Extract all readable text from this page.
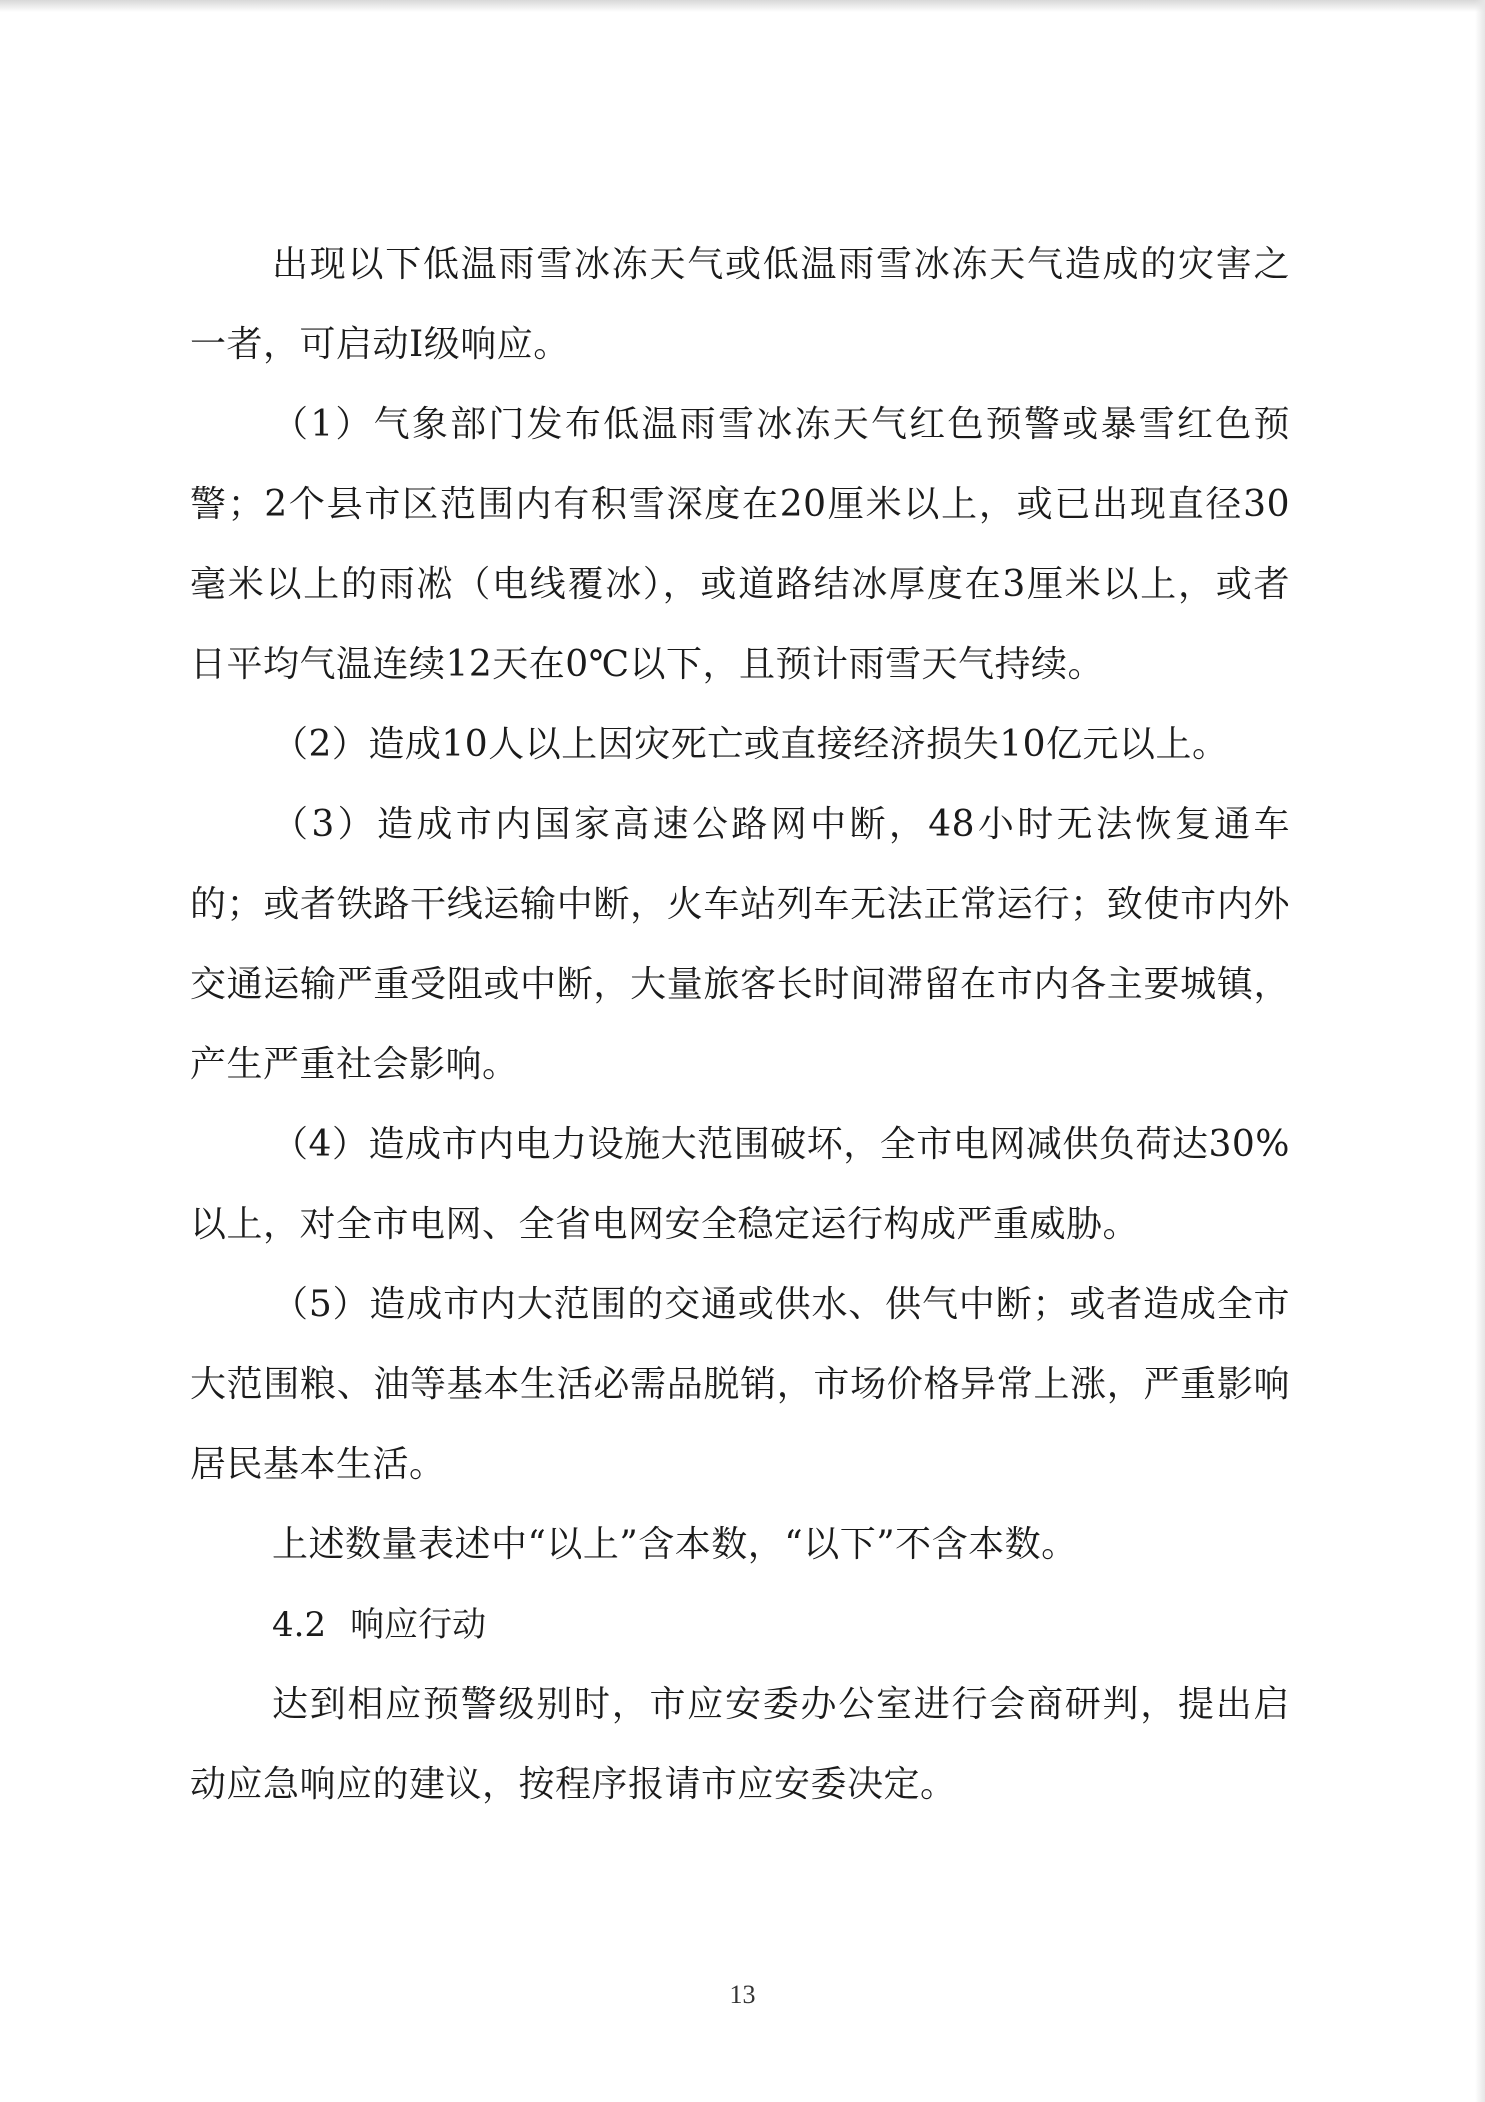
出现以下低温雨雪冰冻天气或低温雨雪冰冻天气造成的灾害之一者，可启动Ⅰ级响应。

（1）气象部门发布低温雨雪冰冻天气红色预警或暴雪红色预警；2个县市区范围内有积雪深度在20厘米以上，或已出现直径30毫米以上的雨凇（电线覆冰），或道路结冰厚度在3厘米以上，或者日平均气温连续12天在0℃以下，且预计雨雪天气持续。

（2）造成10人以上因灾死亡或直接经济损失10亿元以上。

（3）造成市内国家高速公路网中断，48小时无法恢复通车的；或者铁路干线运输中断，火车站列车无法正常运行；致使市内外交通运输严重受阻或中断，大量旅客长时间滞留在市内各主要城镇，产生严重社会影响。

（4）造成市内电力设施大范围破坏，全市电网减供负荷达30%以上，对全市电网、全省电网安全稳定运行构成严重威胁。

（5）造成市内大范围的交通或供水、供气中断；或者造成全市大范围粮、油等基本生活必需品脱销，市场价格异常上涨，严重影响居民基本生活。

上述数量表述中“以上”含本数，“以下”不含本数。

4.2 响应行动

达到相应预警级别时，市应安委办公室进行会商研判，提出启动应急响应的建议，按程序报请市应安委决定。

13
